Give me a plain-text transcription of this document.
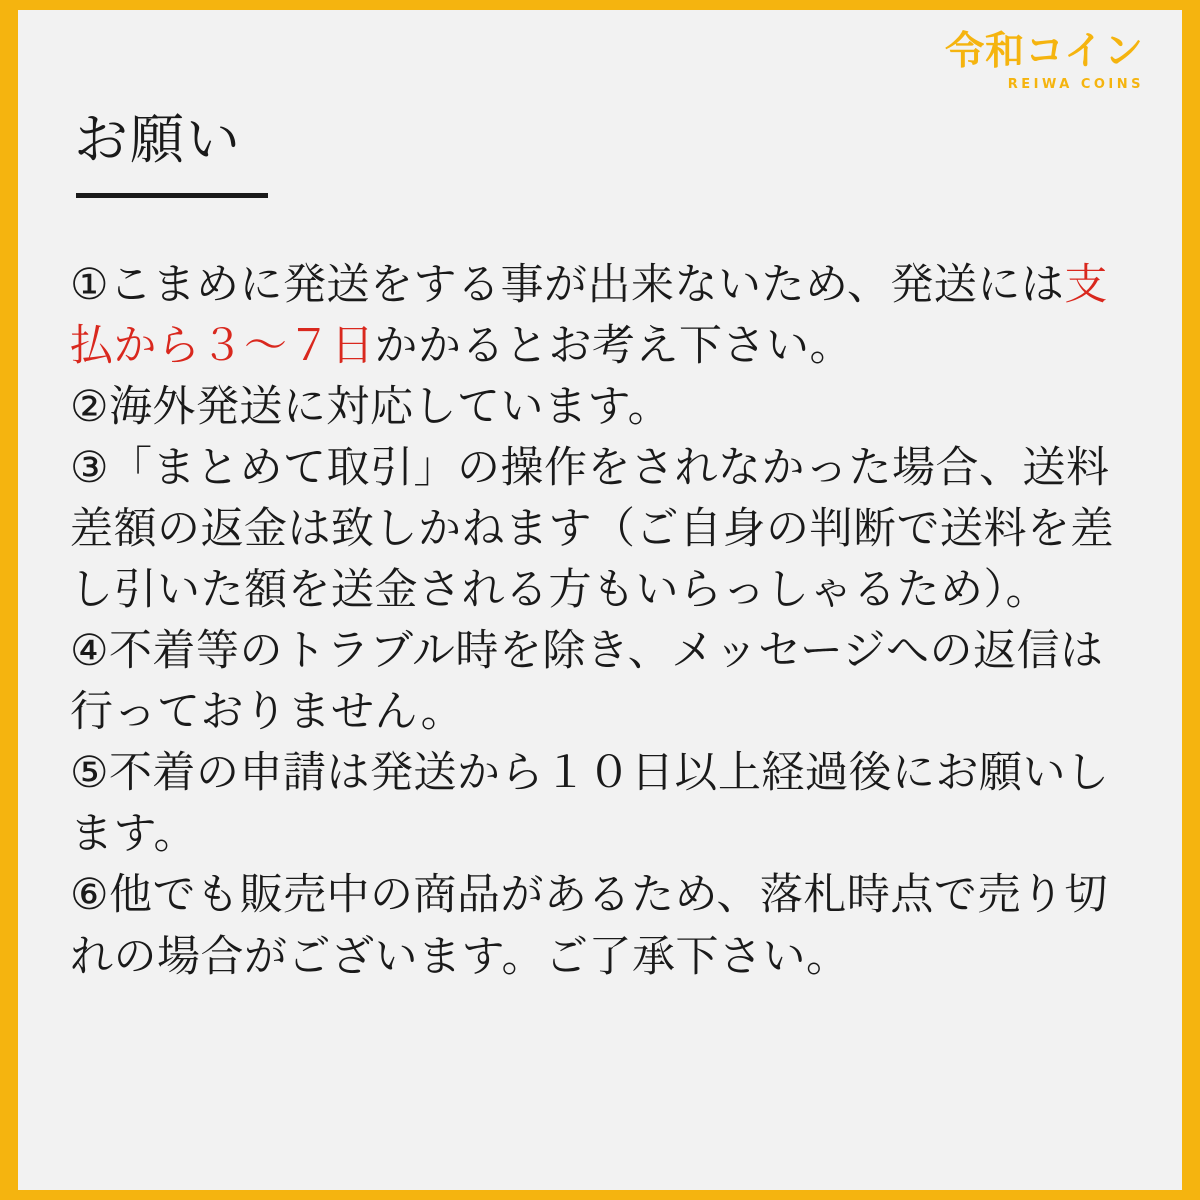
令和コイン
REIWA COINS
お願い

①こまめに発送をする事が出来ないため、発送には支払から３～７日かかるとお考え下さい。

②海外発送に対応しています。

③「まとめて取引」の操作をされなかった場合、送料差額の返金は致しかねます（ご自身の判断で送料を差し引いた額を送金される方もいらっしゃるため）。

④不着等のトラブル時を除き、メッセージへの返信は行っておりません。

⑤不着の申請は発送から１０日以上経過後にお願いします。

⑥他でも販売中の商品があるため、落札時点で売り切れの場合がございます。ご了承下さい。
